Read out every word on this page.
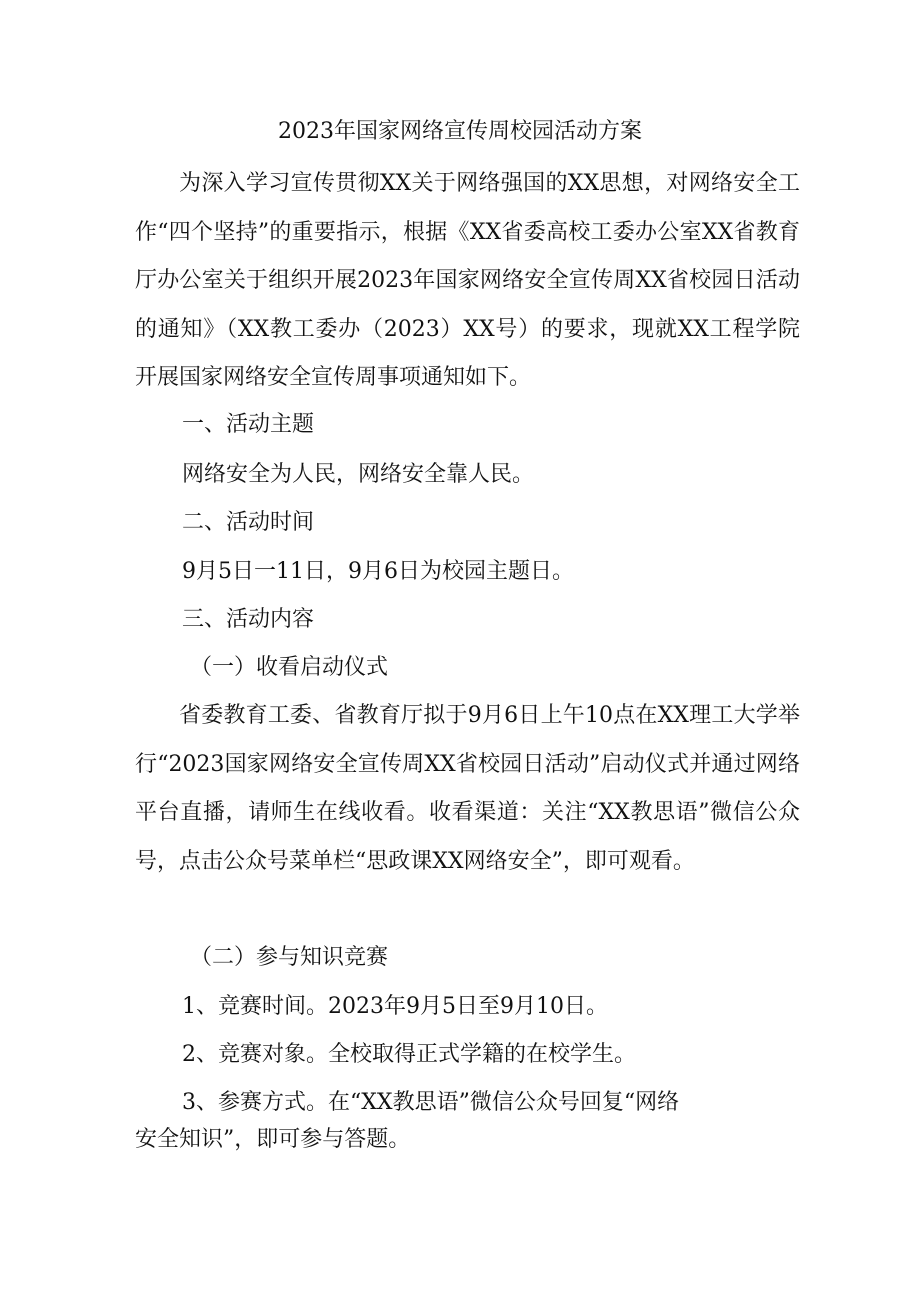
2023年国家网络宣传周校园活动方案

为深入学习宣传贯彻XX关于网络强国的XX思想，对网络安全工作“四个坚持”的重要指示，根据《XX省委高校工委办公室XX省教育厅办公室关于组织开展2023年国家网络安全宣传周XX省校园日活动的通知》（XX教工委办（2023）XX号）的要求，现就XX工程学院开展国家网络安全宣传周事项通知如下。

一、活动主题
网络安全为人民，网络安全靠人民。
二、活动时间
9月5日一11日，9月6日为校园主题日。
三、活动内容
（一）收看启动仪式

省委教育工委、省教育厅拟于9月6日上午10点在XX理工大学举行“2023国家网络安全宣传周XX省校园日活动”启动仪式并通过网络平台直播，请师生在线收看。收看渠道：关注“XX教思语”微信公众号，点击公众号菜单栏“思政课XX网络安全”，即可观看。

（二）参与知识竞赛
1、竞赛时间。2023年9月5日至9月10日。
2、竞赛对象。全校取得正式学籍的在校学生。
3、参赛方式。在“XX教思语”微信公众号回复“网络
安全知识”，即可参与答题。
